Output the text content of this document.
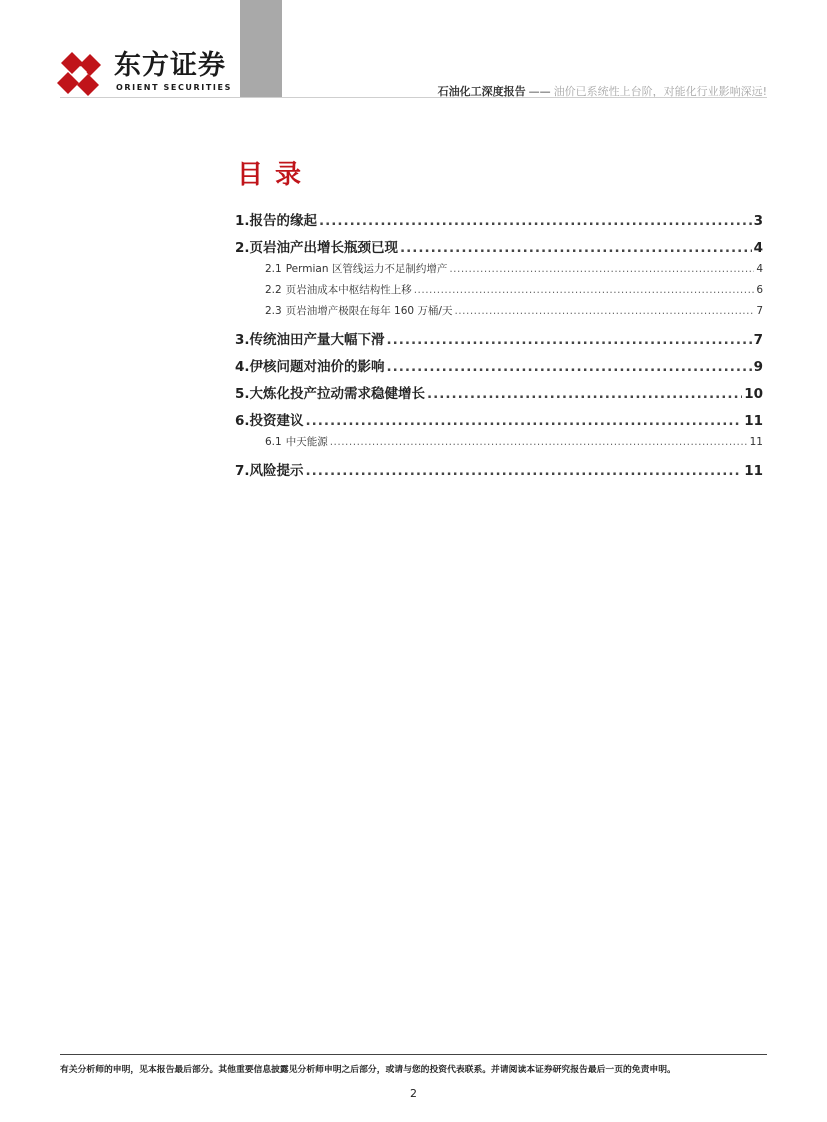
东方证券
ORIENT SECURITIES	石油化工深度报告 —— 油价已系统性上台阶，对能化行业影响深远!
目录
1. 报告的缘起 .....	3
2. 页岩油产出增长瓶颈已现 .....	4
2.1 Permian 区管线运力不足制约增产 .....	4
2.2 页岩油成本中枢结构性上移 .....	6
2.3 页岩油增产极限在每年 160 万桶/天 .....	7
3. 传统油田产量大幅下滑 .....	7
4. 伊核问题对油价的影响 .....	9
5. 大炼化投产拉动需求稳健增长 .....	10
6. 投资建议 .....	11
6.1 中天能源 .....	11
7. 风险提示 .....	11
有关分析师的申明，见本报告最后部分。其他重要信息披露见分析师申明之后部分，或请与您的投资代表联系。并请阅读本证券研究报告最后一页的免责申明。
2
